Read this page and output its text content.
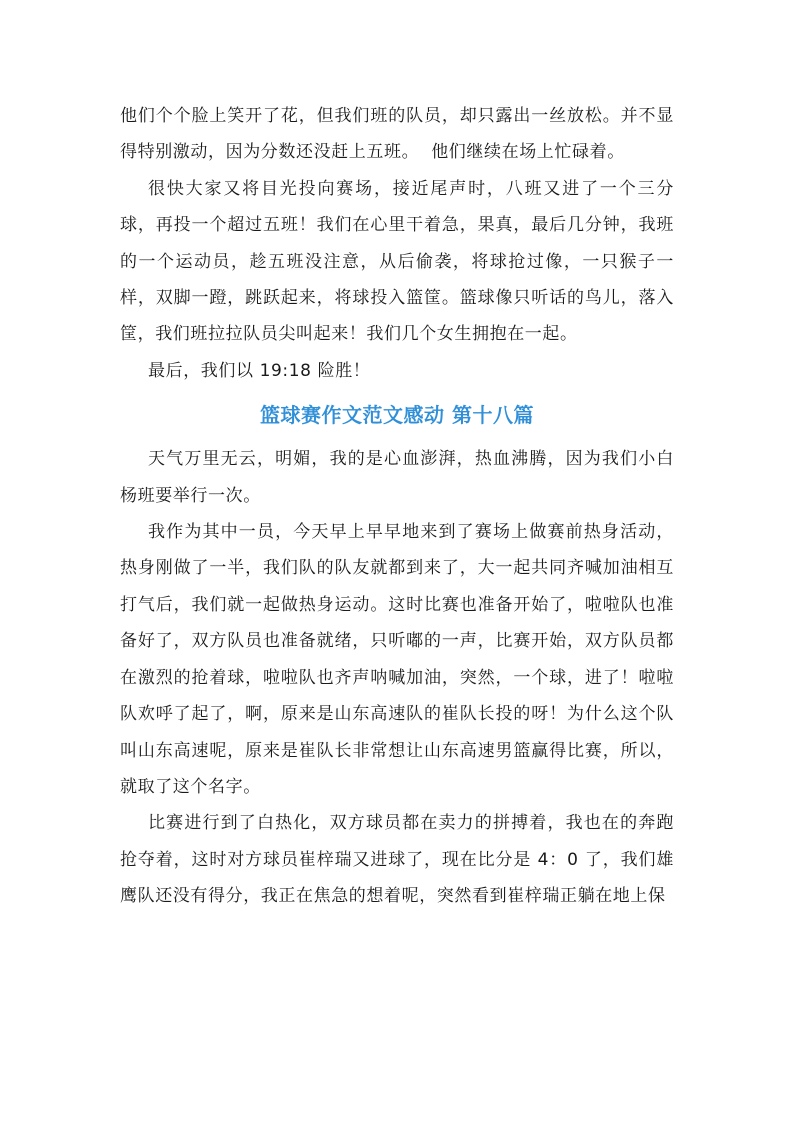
他们个个脸上笑开了花，但我们班的队员，却只露出一丝放松。并不显得特别激动，因为分数还没赶上五班。  他们继续在场上忙碌着。

很快大家又将目光投向赛场，接近尾声时，八班又进了一个三分球，再投一个超过五班！我们在心里干着急，果真，最后几分钟，我班的一个运动员，趁五班没注意，从后偷袭，将球抢过像，一只猴子一样，双脚一蹬，跳跃起来，将球投入篮筐。篮球像只听话的鸟儿，落入筐，我们班拉拉队员尖叫起来！我们几个女生拥抱在一起。

最后，我们以 19:18 险胜！

篮球赛作文范文感动 第十八篇

天气万里无云，明媚，我的是心血澎湃，热血沸腾，因为我们小白杨班要举行一次。

我作为其中一员，今天早上早早地来到了赛场上做赛前热身活动，热身刚做了一半，我们队的队友就都到来了，大一起共同齐喊加油相互打气后，我们就一起做热身运动。这时比赛也准备开始了，啦啦队也准备好了，双方队员也准备就绪，只听嘟的一声，比赛开始，双方队员都在激烈的抢着球，啦啦队也齐声呐喊加油，突然，一个球，进了！啦啦队欢呼了起了，啊，原来是山东高速队的崔队长投的呀！为什么这个队叫山东高速呢，原来是崔队长非常想让山东高速男篮赢得比赛，所以，就取了这个名字。

比赛进行到了白热化，双方球员都在卖力的拼搏着，我也在的奔跑抢夺着，这时对方球员崔梓瑞又进球了，现在比分是 4：0 了，我们雄鹰队还没有得分，我正在焦急的想着呢，突然看到崔梓瑞正躺在地上保
